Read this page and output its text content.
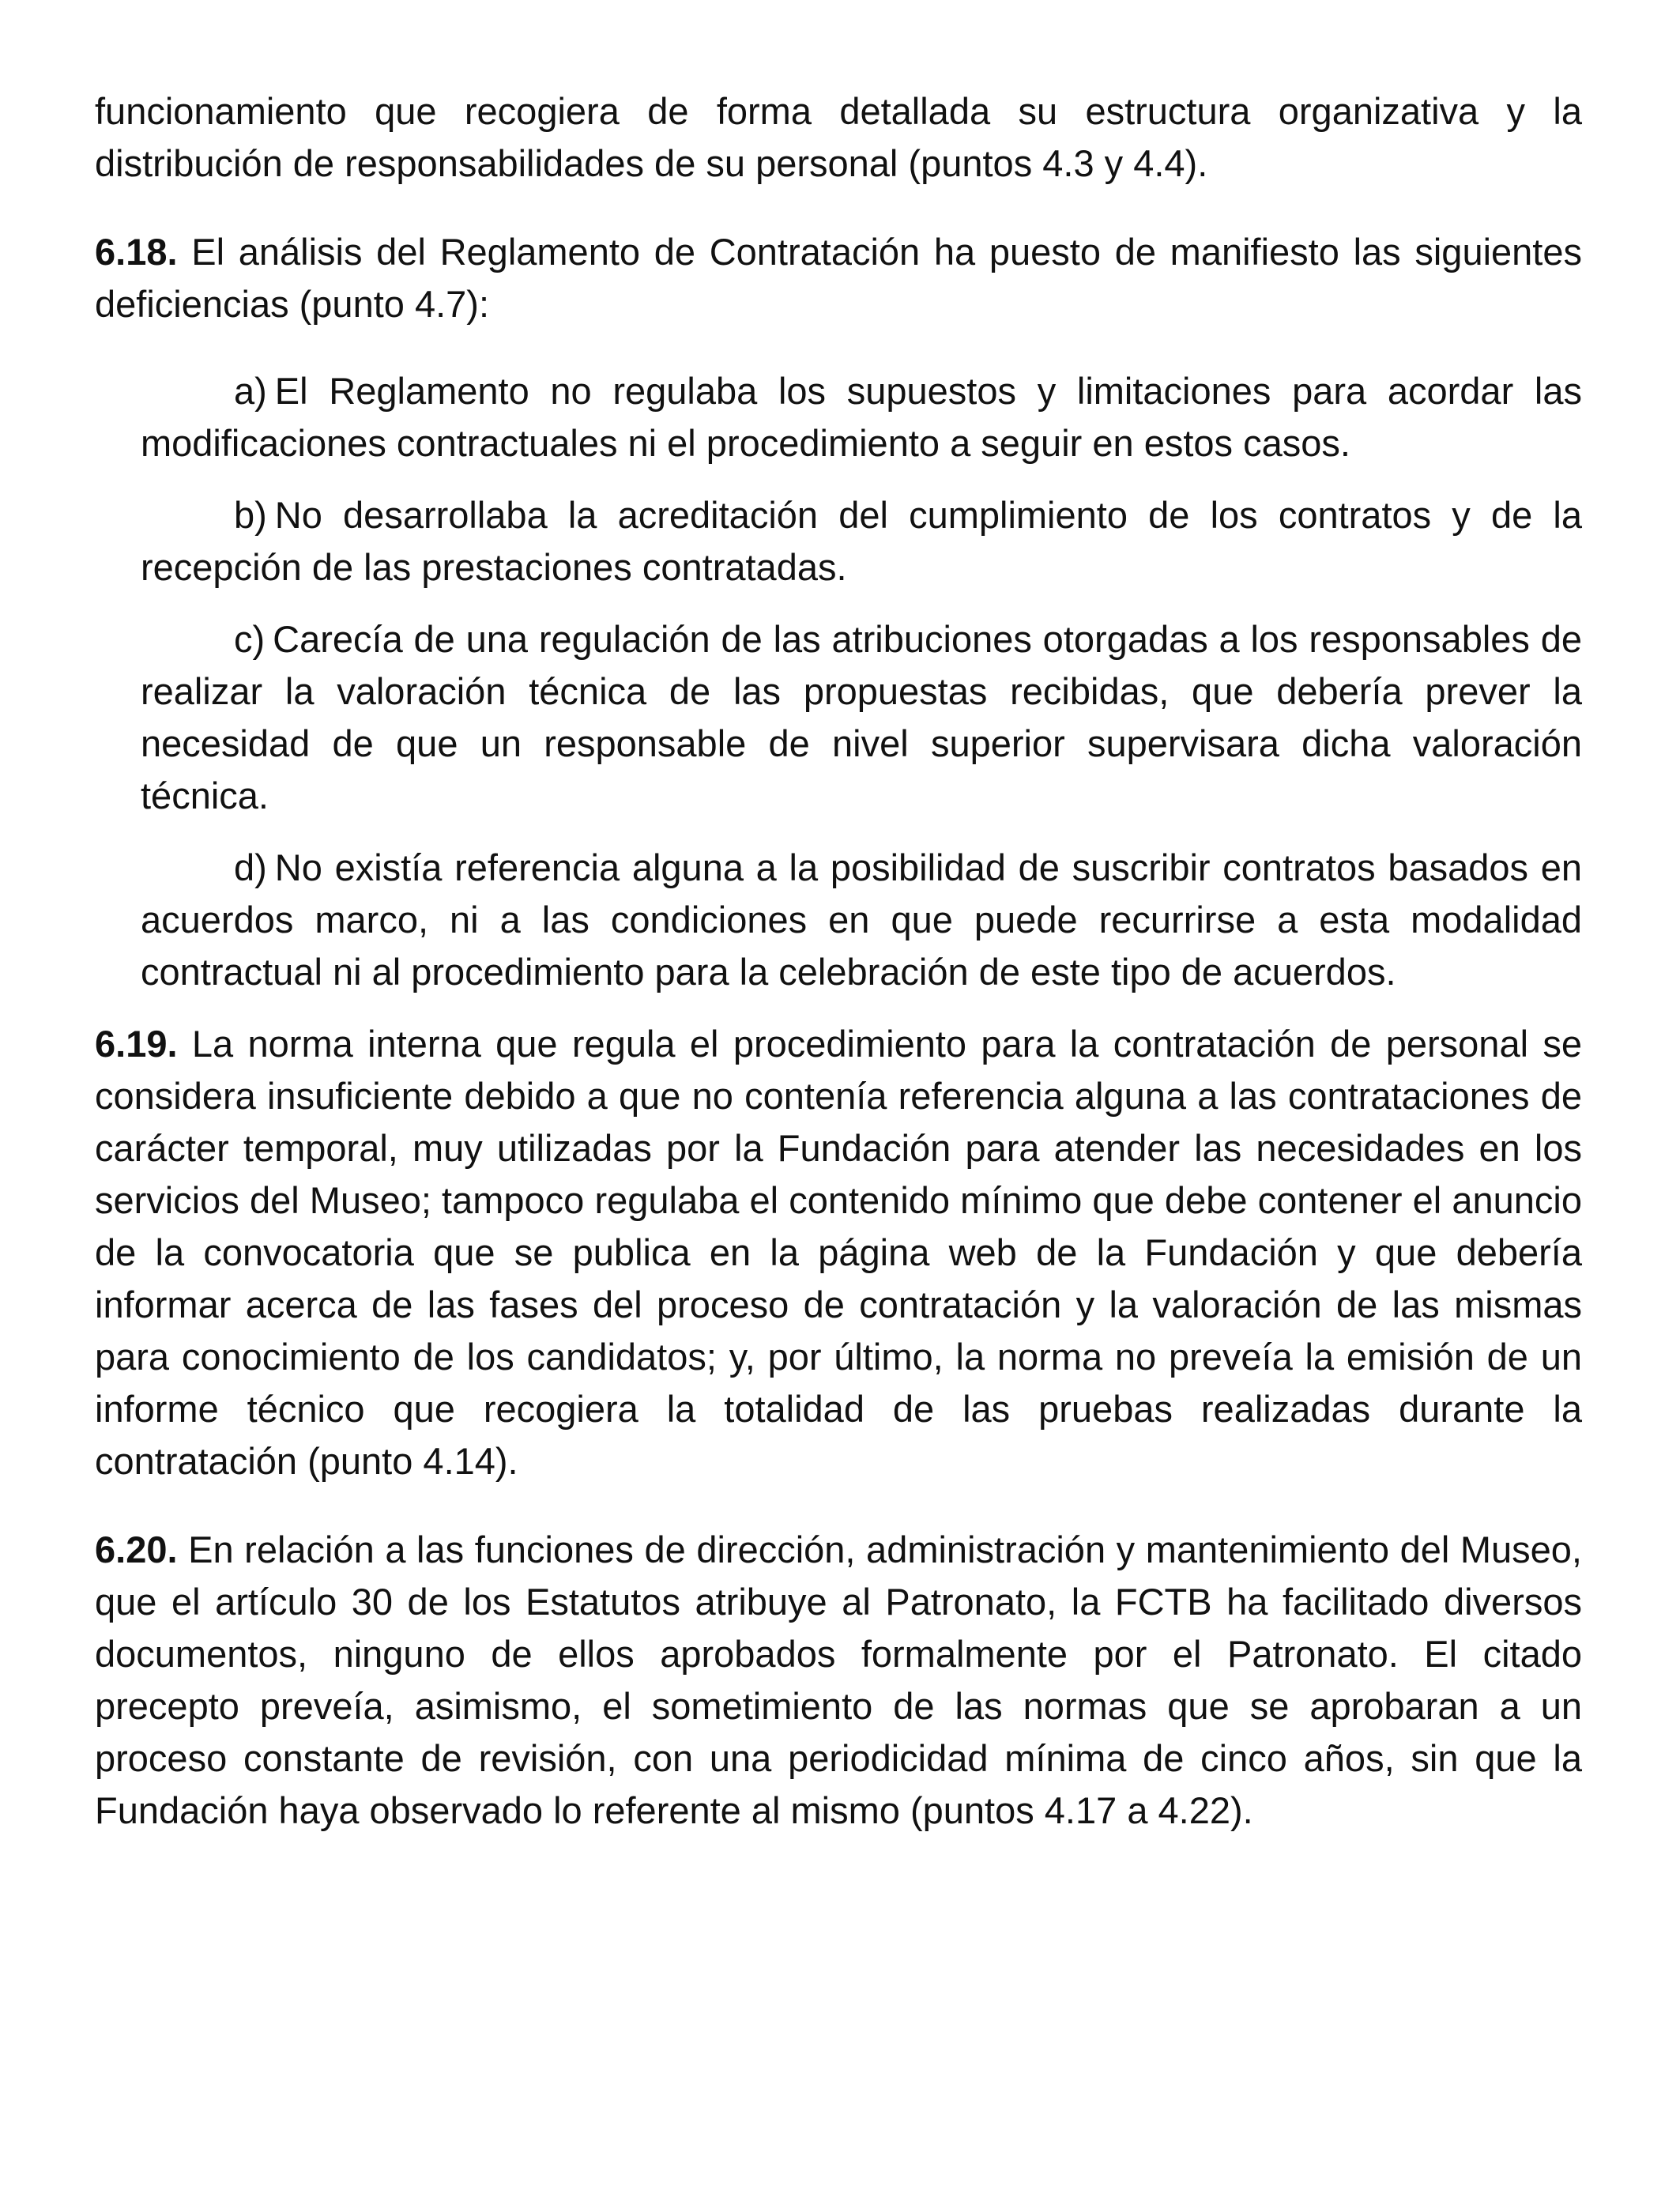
funcionamiento que recogiera de forma detallada su estructura organizativa y la distribución de responsabilidades de su personal (puntos 4.3 y 4.4).

6.18. El análisis del Reglamento de Contratación ha puesto de manifiesto las siguientes deficiencias (punto 4.7):

a) El Reglamento no regulaba los supuestos y limitaciones para acordar las modificaciones contractuales ni el procedimiento a seguir en estos casos.

b) No desarrollaba la acreditación del cumplimiento de los contratos y de la recepción de las prestaciones contratadas.

c) Carecía de una regulación de las atribuciones otorgadas a los responsables de realizar la valoración técnica de las propuestas recibidas, que debería prever la necesidad de que un responsable de nivel superior supervisara dicha valoración técnica.

d) No existía referencia alguna a la posibilidad de suscribir contratos basados en acuerdos marco, ni a las condiciones en que puede recurrirse a esta modalidad contractual ni al procedimiento para la celebración de este tipo de acuerdos.

6.19. La norma interna que regula el procedimiento para la contratación de personal se considera insuficiente debido a que no contenía referencia alguna a las contrataciones de carácter temporal, muy utilizadas por la Fundación para atender las necesidades en los servicios del Museo; tampoco regulaba el contenido mínimo que debe contener el anuncio de la convocatoria que se publica en la página web de la Fundación y que debería informar acerca de las fases del proceso de contratación y la valoración de las mismas para conocimiento de los candidatos; y, por último, la norma no preveía la emisión de un informe técnico que recogiera la totalidad de las pruebas realizadas durante la contratación (punto 4.14).

6.20. En relación a las funciones de dirección, administración y mantenimiento del Museo, que el artículo 30 de los Estatutos atribuye al Patronato, la FCTB ha facilitado diversos documentos, ninguno de ellos aprobados formalmente por el Patronato. El citado precepto preveía, asimismo, el sometimiento de las normas que se aprobaran a un proceso constante de revisión, con una periodicidad mínima de cinco años, sin que la Fundación haya observado lo referente al mismo (puntos 4.17 a 4.22).
